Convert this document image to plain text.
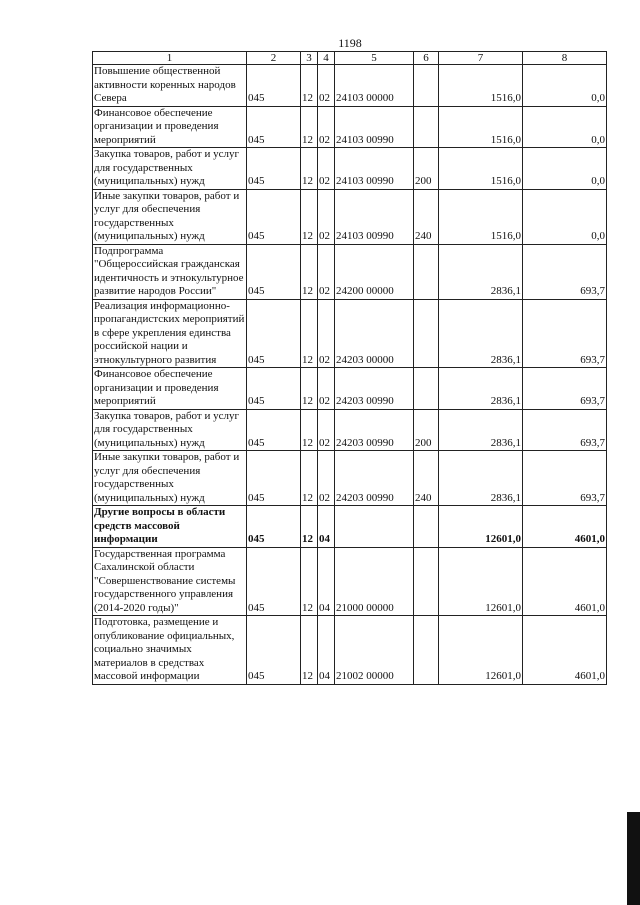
1198
1	2	3	4	5	6	7	8
Повышение общественной активности коренных народов Севера	045	12	02	24103 00000		1516,0	0,0
Финансовое обеспечение организации и проведения мероприятий	045	12	02	24103 00990		1516,0	0,0
Закупка товаров, работ и услуг для государственных (муниципальных) нужд	045	12	02	24103 00990	200	1516,0	0,0
Иные закупки товаров, работ и услуг для обеспечения государственных (муниципальных) нужд	045	12	02	24103 00990	240	1516,0	0,0
Подпрограмма "Общероссийская гражданская идентичность и этнокультурное развитие народов России"	045	12	02	24200 00000		2836,1	693,7
Реализация информационно-пропагандистских мероприятий в сфере укрепления единства российской нации и этнокультурного развития	045	12	02	24203 00000		2836,1	693,7
Финансовое обеспечение организации и проведения мероприятий	045	12	02	24203 00990		2836,1	693,7
Закупка товаров, работ и услуг для государственных (муниципальных) нужд	045	12	02	24203 00990	200	2836,1	693,7
Иные закупки товаров, работ и услуг для обеспечения государственных (муниципальных) нужд	045	12	02	24203 00990	240	2836,1	693,7
Другие вопросы в области средств массовой информации	045	12	04			12601,0	4601,0
Государственная программа Сахалинской области "Совершенствование системы государственного управления (2014-2020 годы)"	045	12	04	21000 00000		12601,0	4601,0
Подготовка, размещение и опубликование официальных, социально значимых материалов в средствах массовой информации	045	12	04	21002 00000		12601,0	4601,0
